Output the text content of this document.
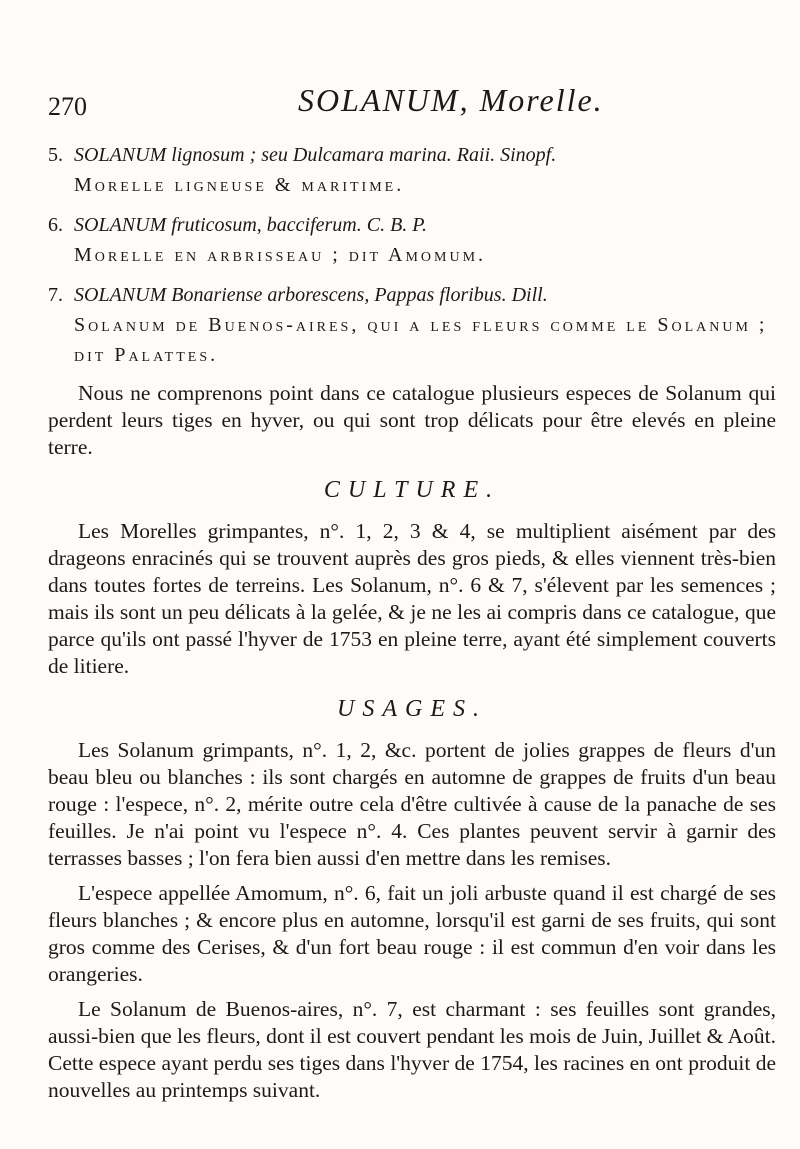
270	SOLANUM, Morelle.
5. SOLANUM lignosum ; seu Dulcamara marina. Raii. Sinopf.
Morelle ligneuse & maritime.
6. SOLANUM fruticosum, bacciferum. C. B. P.
Morelle en arbrisseau ; dit Amomum.
7. SOLANUM Bonariense arborescens, Pappas floribus. Dill.
Solanum de Buenos-aires, qui a les fleurs comme le Solanum ;
dit Palattes.

Nous ne comprenons point dans ce catalogue plusieurs especes de Solanum qui perdent leurs tiges en hyver, ou qui sont trop délicats pour être elevés en pleine terre.

CULTURE.

Les Morelles grimpantes, n°. 1, 2, 3 & 4, se multiplient aisément par des drageons enracinés qui se trouvent auprès des gros pieds, & elles viennent très-bien dans toutes fortes de terreins. Les Solanum, n°. 6 & 7, s'élevent par les semences ; mais ils sont un peu délicats à la gelée, & je ne les ai compris dans ce catalogue, que parce qu'ils ont passé l'hyver de 1753 en pleine terre, ayant été simplement couverts de litiere.

USAGES.

Les Solanum grimpants, n°. 1, 2, &c. portent de jolies grappes de fleurs d'un beau bleu ou blanches : ils sont chargés en automne de grappes de fruits d'un beau rouge : l'espece, n°. 2, mérite outre cela d'être cultivée à cause de la panache de ses feuilles. Je n'ai point vu l'espece n°. 4. Ces plantes peuvent servir à garnir des terrasses basses ; l'on fera bien aussi d'en mettre dans les remises.

L'espece appellée Amomum, n°. 6, fait un joli arbuste quand il est chargé de ses fleurs blanches ; & encore plus en automne, lorsqu'il est garni de ses fruits, qui sont gros comme des Cerises, & d'un fort beau rouge : il est commun d'en voir dans les orangeries.

Le Solanum de Buenos-aires, n°. 7, est charmant : ses feuilles sont grandes, aussi-bien que les fleurs, dont il est couvert pendant les mois de Juin, Juillet & Août. Cette espece ayant perdu ses tiges dans l'hyver de 1754, les racines en ont produit de nouvelles au printemps suivant.
